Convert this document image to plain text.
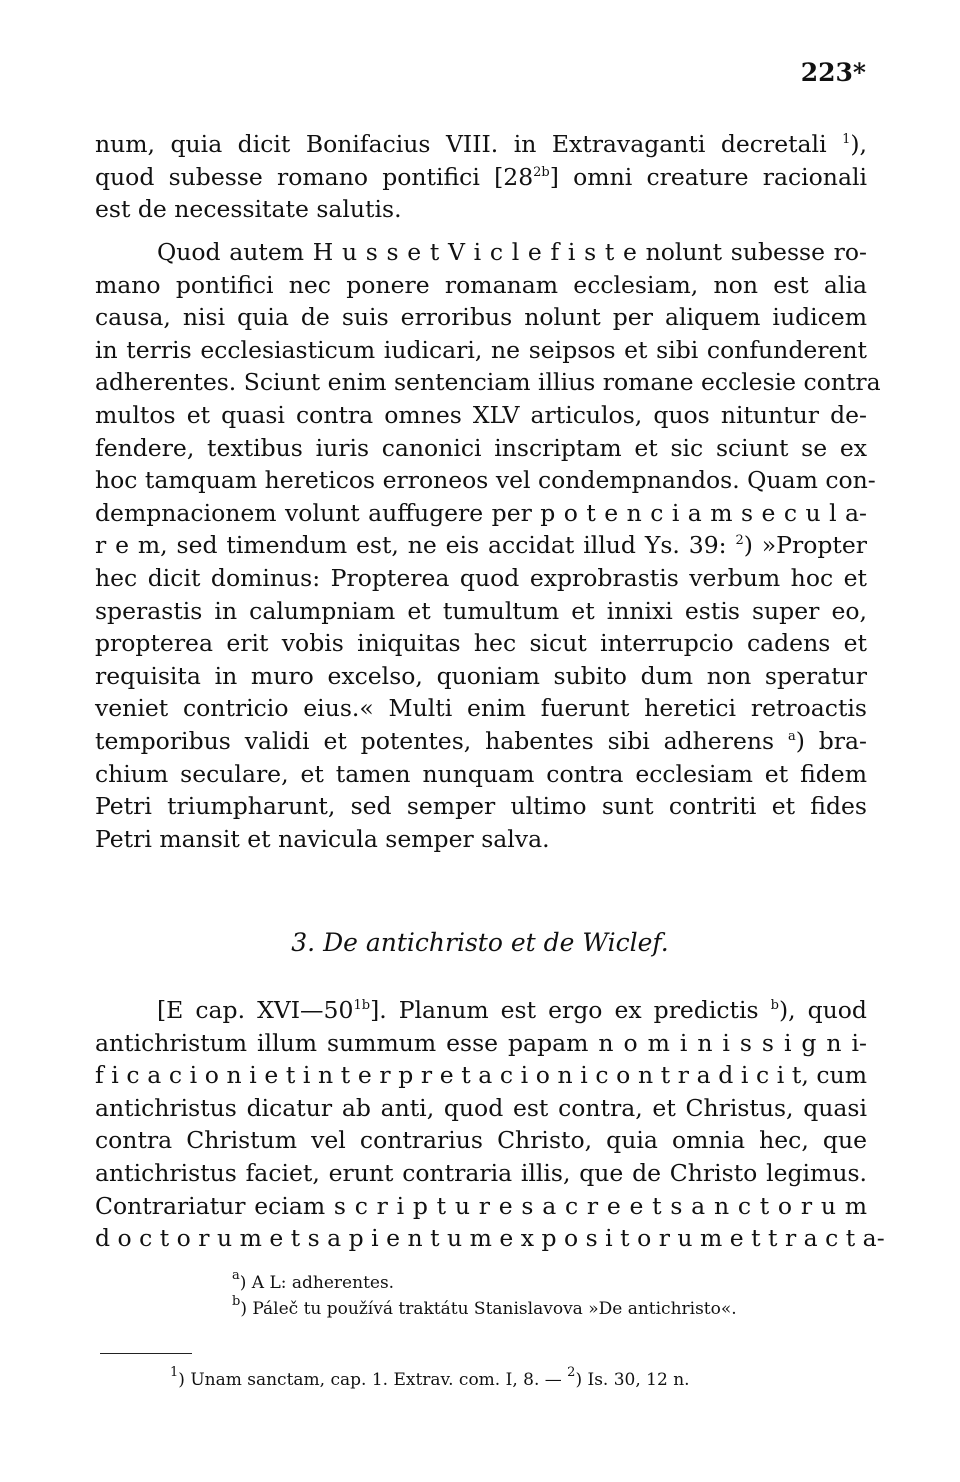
223*
num, quia dicit Bonifacius VIII. in Extravaganti decretali $^1$),
quod subesse romano pontifici $[28^{2b}]$ omni creature racionali
est de necessitate salutis.
Quod autem H u s s e t V i c l e f i s t e nolunt subesse ro-
mano pontifici nec ponere romanam ecclesiam, non est alia
causa, nisi quia de suis erroribus nolunt per aliquem iudicem
in terris ecclesiasticum iudicari, ne seipsos et sibi confunderent
adherentes. Sciunt enim sentenciam illius romane ecclesie contra
multos et quasi contra omnes XLV articulos, quos nituntur de-
fendere, textibus iuris canonici inscriptam et sic sciunt se ex
hoc tamquam hereticos erroneos vel condempnandos. Quam con-
dempnacionem volunt auffugere per p o t e n c i a m s e c u l a-
r e m, sed timendum est, ne eis accidat illud Ys. 39: $^2$) »Propter
hec dicit dominus: Propterea quod exprobrastis verbum hoc et
sperastis in calumpniam et tumultum et innixi estis super eo,
propterea erit vobis iniquitas hec sicut interrupcio cadens et
requisita in muro excelso, quoniam subito dum non speratur
veniet contricio eius.« Multi enim fuerunt heretici retroactis
temporibus validi et potentes, habentes sibi adherens $^a$) bra-
chium seculare, et tamen nunquam contra ecclesiam et fidem
Petri triumpharunt, sed semper ultimo sunt contriti et fides
Petri mansit et navicula semper salva.
3. De antichristo et de Wiclef.
[E cap. $XVI—50^{1b}$]. Planum est ergo ex predictis $^b$), quod
antichristum illum summum esse papam n o m i n i s s i g n i-
f i c a c i o n i e t i n t e r p r e t a c i o n i c o n t r a d i c i t, cum
antichristus dicatur ab anti, quod est contra, et Christus, quasi
contra Christum vel contrarius Christo, quia omnia hec, que
antichristus faciet, erunt contraria illis, que de Christo legimus.
Contrariatur eciam s c r i p t u r e s a c r e e t s a n c t o r u m
d o c t o r u m e t s a p i e n t u m e x p o s i t o r u m e t t r a c t a-
$^a$) A L: adherentes.
$^b$) Páleč tu používá traktátu Stanislavova »De antichristo«.
$^1$) Unam sanctam, cap. 1. Extrav. com. I, 8. — $^2$) Is. 30, 12 n.
